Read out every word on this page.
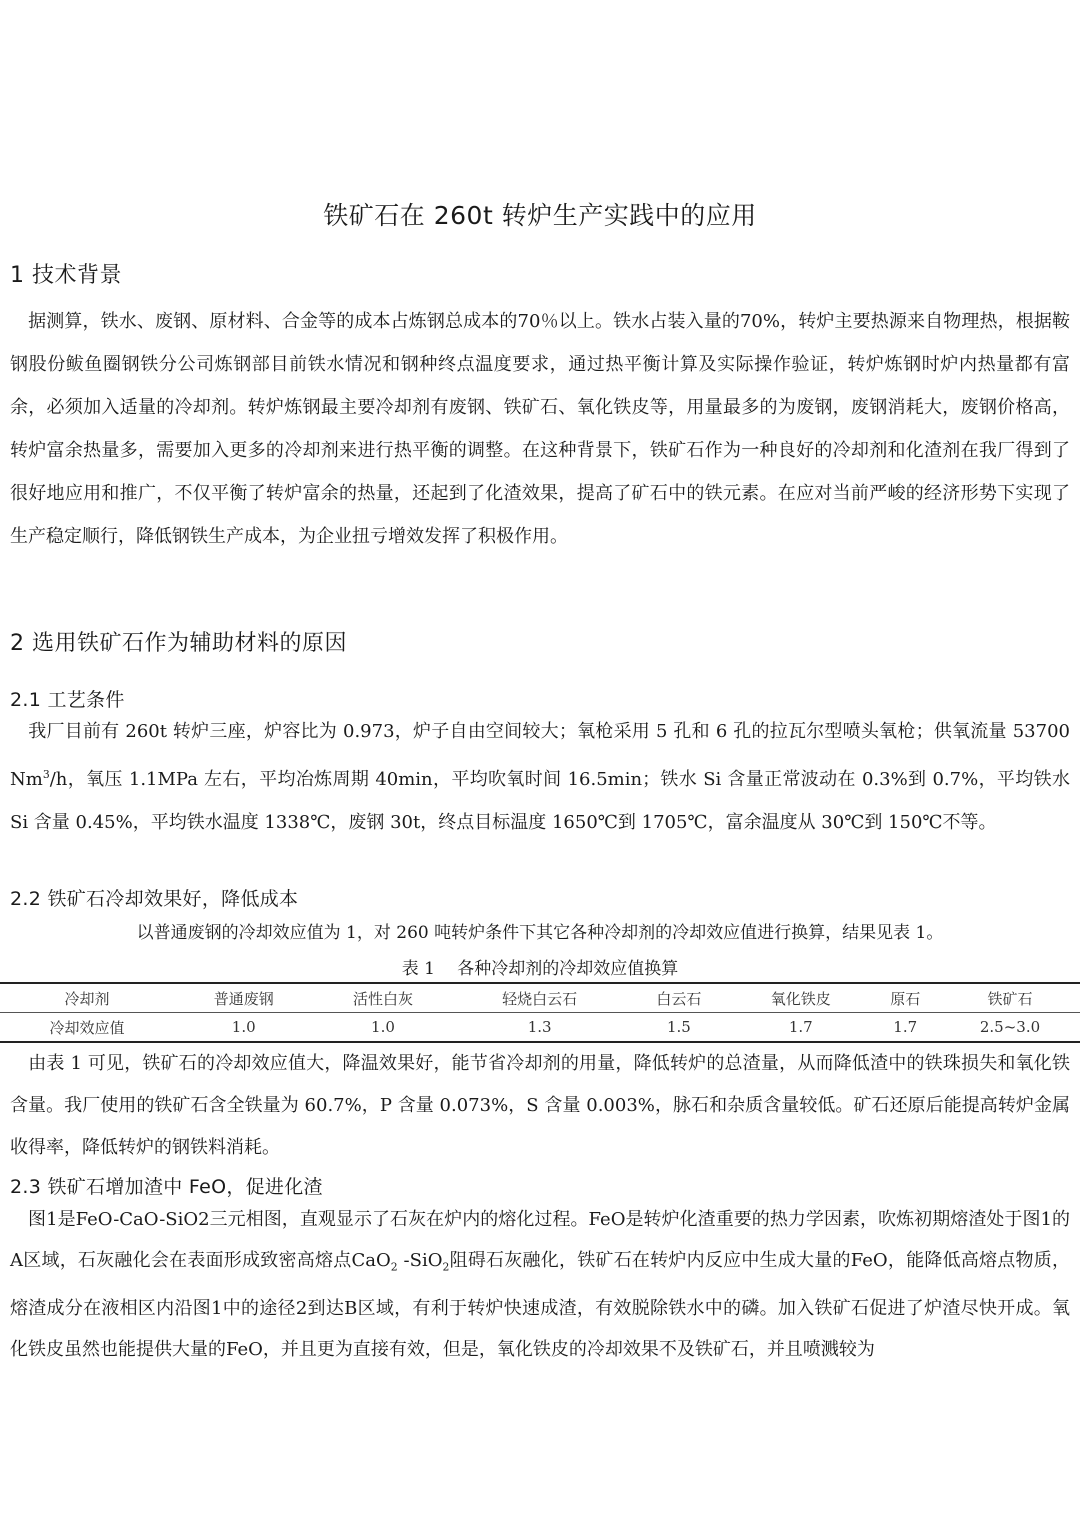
铁矿石在 260t 转炉生产实践中的应用
1 技术背景

　据测算，铁水、废钢、原材料、合金等的成本占炼钢总成本的70％以上。铁水占装入量的70%，转炉主要热源来自物理热，根据鞍钢股份鲅鱼圈钢铁分公司炼钢部目前铁水情况和钢种终点温度要求，通过热平衡计算及实际操作验证，转炉炼钢时炉内热量都有富余，必须加入适量的冷却剂。转炉炼钢最主要冷却剂有废钢、铁矿石、氧化铁皮等，用量最多的为废钢，废钢消耗大，废钢价格高，转炉富余热量多，需要加入更多的冷却剂来进行热平衡的调整。在这种背景下，铁矿石作为一种良好的冷却剂和化渣剂在我厂得到了很好地应用和推广，不仅平衡了转炉富余的热量，还起到了化渣效果，提高了矿石中的铁元素。在应对当前严峻的经济形势下实现了生产稳定顺行，降低钢铁生产成本，为企业扭亏增效发挥了积极作用。

2 选用铁矿石作为辅助材料的原因
2.1 工艺条件

　我厂目前有 260t 转炉三座，炉容比为 0.973，炉子自由空间较大；氧枪采用 5 孔和 6 孔的拉瓦尔型喷头氧枪；供氧流量 53700 Nm$^3$/h，氧压 1.1MPa 左右，平均冶炼周期 40min，平均吹氧时间 16.5min；铁水 Si 含量正常波动在 0.3%到 0.7%，平均铁水 Si 含量 0.45%，平均铁水温度 1338℃，废钢 30t，终点目标温度 1650℃到 1705℃，富余温度从 30℃到 150℃不等。

2.2 铁矿石冷却效果好，降低成本
以普通废钢的冷却效应值为 1，对 260 吨转炉条件下其它各种冷却剂的冷却效应值进行换算，结果见表 1。
表 1　 各种冷却剂的冷却效应值换算
冷却剂	普通废钢	活性白灰	轻烧白云石	白云石	氧化铁皮	原石	铁矿石
冷却效应值	1.0	1.0	1.3	1.5	1.7	1.7	2.5~3.0

　由表 1 可见，铁矿石的冷却效应值大，降温效果好，能节省冷却剂的用量，降低转炉的总渣量，从而降低渣中的铁珠损失和氧化铁含量。我厂使用的铁矿石含全铁量为 60.7%，P 含量 0.073%，S 含量 0.003%，脉石和杂质含量较低。矿石还原后能提高转炉金属收得率，降低转炉的钢铁料消耗。

2.3 铁矿石增加渣中 FeO，促进化渣

　图1是FeO-CaO-SiO2三元相图，直观显示了石灰在炉内的熔化过程。FeO是转炉化渣重要的热力学因素，吹炼初期熔渣处于图1的A区域，石灰融化会在表面形成致密高熔点CaO$_2$ -SiO$_2$阻碍石灰融化，铁矿石在转炉内反应中生成大量的FeO，能降低高熔点物质，熔渣成分在液相区内沿图1中的途径2到达B区域，有利于转炉快速成渣，有效脱除铁水中的磷。加入铁矿石促进了炉渣尽快开成。氧化铁皮虽然也能提供大量的FeO，并且更为直接有效，但是，氧化铁皮的冷却效果不及铁矿石，并且喷溅较为
